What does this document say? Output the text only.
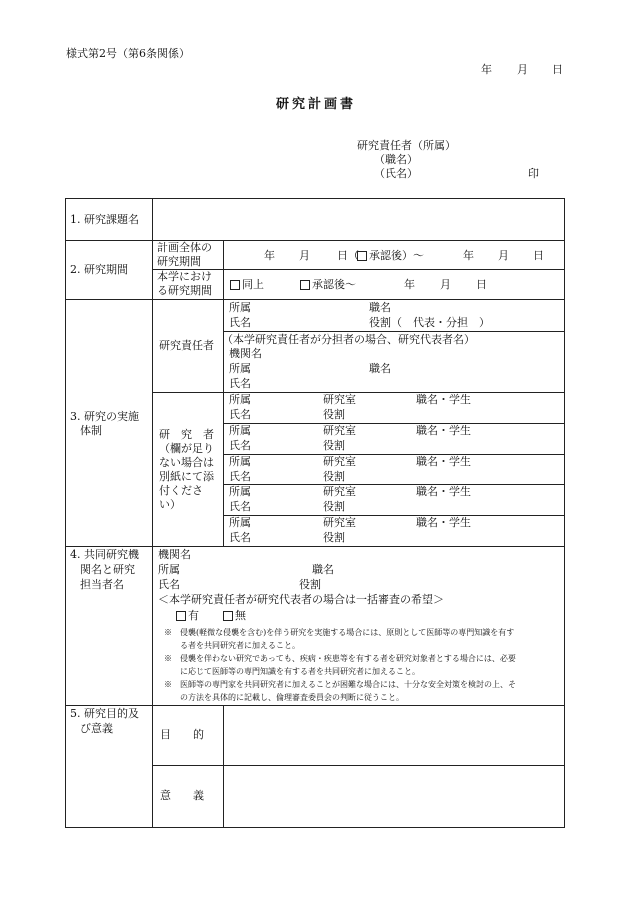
様式第2号（第6条関係）
年 月 日
研究計画書
研究責任者（所属）
（職名）
（氏名）	印
1. 研究課題名
2. 研究期間
計画全体の
研究期間	年 月 日（ 承認後）～	年 月 日
本学におけ
る研究期間	同上	承認後～	年 月 日
3. 研究の実施
体制
研究責任者
所属	職名
氏名	役割（　代表・分担　）
（本学研究責任者が分担者の場合、研究代表者名）
機関名
所属	職名
氏名
研　究　者
（欄が足り
ない場合は
別紙にて添
付くださ
い）
所属	研究室	職名・学生
氏名	役割
所属	研究室	職名・学生
氏名	役割
所属	研究室	職名・学生
氏名	役割
所属	研究室	職名・学生
氏名	役割
所属	研究室	職名・学生
氏名	役割
4. 共同研究機
関名と研究
担当者名
機関名
所属	職名
氏名	役割
＜本学研究責任者が研究代表者の場合は一括審査の希望＞
有	無
※　侵襲(軽微な侵襲を含む)を伴う研究を実施する場合には、原則として医師等の専門知識を有す
　　る者を共同研究者に加えること。
※　侵襲を伴わない研究であっても、疾病・疾患等を有する者を研究対象者とする場合には、必要
　　に応じて医師等の専門知識を有する者を共同研究者に加えること。
※　医師等の専門家を共同研究者に加えることが困難な場合には、十分な安全対策を検討の上、そ
　　の方法を具体的に記載し、倫理審査委員会の判断に従うこと。
5. 研究目的及
び意義	目　　的
意　　義
